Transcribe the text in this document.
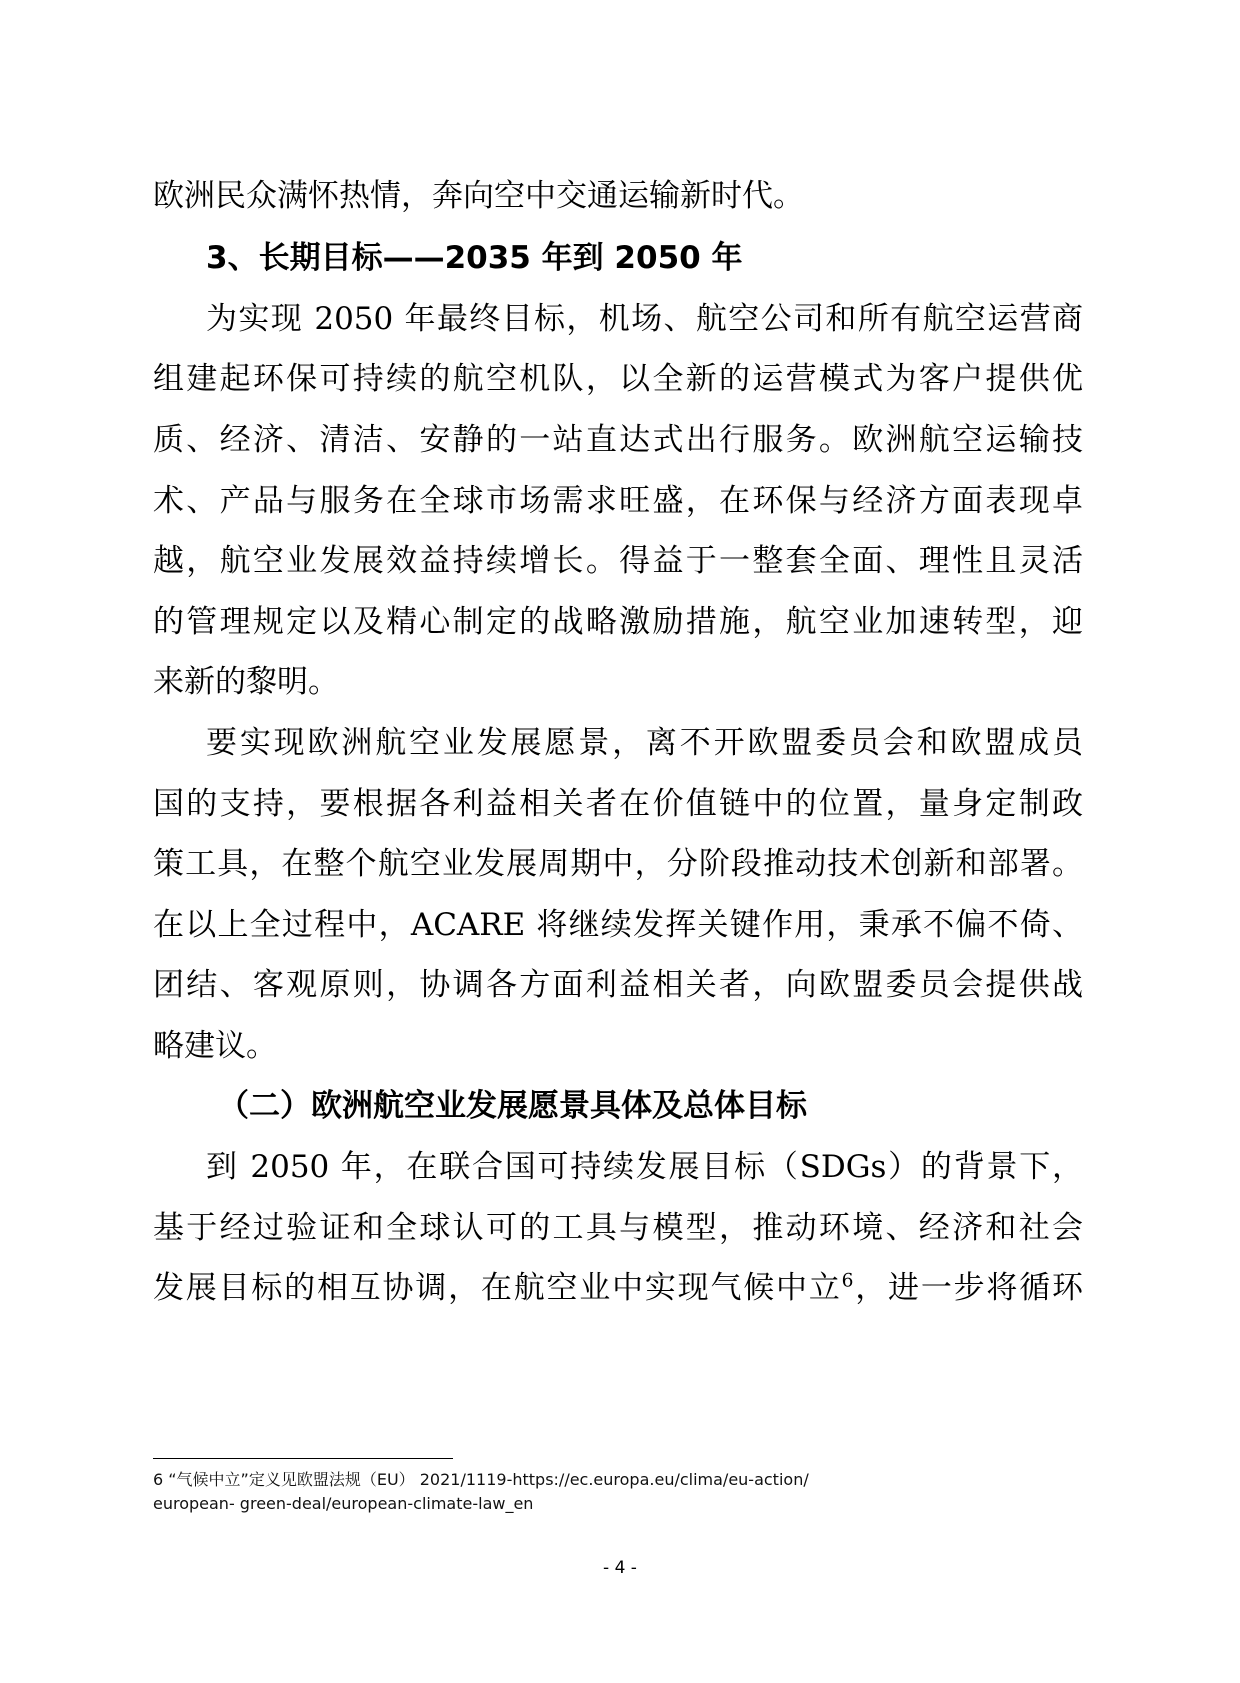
欧洲民众满怀热情，奔向空中交通运输新时代。

3、长期目标——2035 年到 2050 年

为实现 2050 年最终目标，机场、航空公司和所有航空运营商

组建起环保可持续的航空机队，以全新的运营模式为客户提供优

质、经济、清洁、安静的一站直达式出行服务。欧洲航空运输技

术、产品与服务在全球市场需求旺盛，在环保与经济方面表现卓

越，航空业发展效益持续增长。得益于一整套全面、理性且灵活

的管理规定以及精心制定的战略激励措施，航空业加速转型，迎

来新的黎明。

要实现欧洲航空业发展愿景，离不开欧盟委员会和欧盟成员

国的支持，要根据各利益相关者在价值链中的位置，量身定制政

策工具，在整个航空业发展周期中，分阶段推动技术创新和部署。

在以上全过程中，ACARE 将继续发挥关键作用，秉承不偏不倚、

团结、客观原则，协调各方面利益相关者，向欧盟委员会提供战

略建议。

（二）欧洲航空业发展愿景具体及总体目标

到 2050 年，在联合国可持续发展目标（SDGs）的背景下，

基于经过验证和全球认可的工具与模型，推动环境、经济和社会

发展目标的相互协调，在航空业中实现气候中立$^6$，进一步将循环

6 “气候中立”定义见欧盟法规（EU） 2021/1119-https://ec.europa.eu/clima/eu-action/
european- green-deal/european-climate-law_en
- 4 -
